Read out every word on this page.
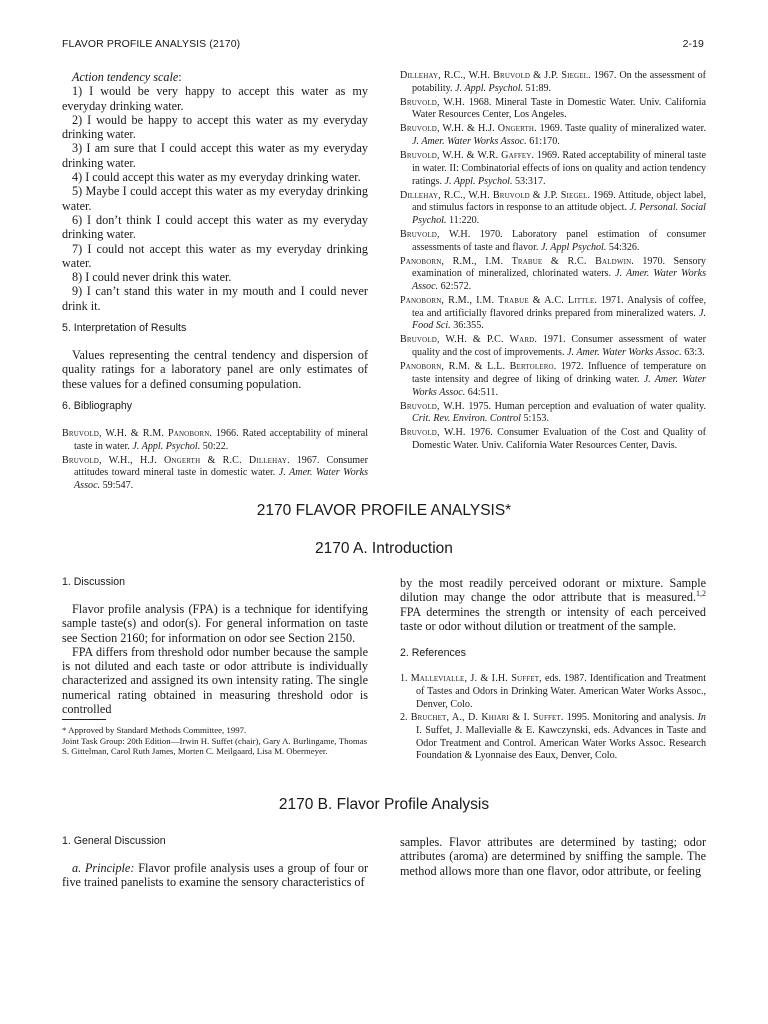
FLAVOR PROFILE ANALYSIS (2170)	2-19

Action tendency scale:

1) I would be very happy to accept this water as my everyday drinking water.

2) I would be happy to accept this water as my everyday drinking water.

3) I am sure that I could accept this water as my everyday drinking water.

4) I could accept this water as my everyday drinking water.

5) Maybe I could accept this water as my everyday drinking water.

6) I don’t think I could accept this water as my everyday drinking water.

7) I could not accept this water as my everyday drinking water.

8) I could never drink this water.

9) I can’t stand this water in my mouth and I could never drink it.

5. Interpretation of Results

Values representing the central tendency and dispersion of quality ratings for a laboratory panel are only estimates of these values for a defined consuming population.

6. Bibliography

Bruvold, W.H. & R.M. Panoborn. 1966. Rated acceptability of mineral taste in water. J. Appl. Psychol. 50:22.

Bruvold, W.H., H.J. Ongerth & R.C. Dillehay. 1967. Consumer attitudes toward mineral taste in domestic water. J. Amer. Water Works Assoc. 59:547.

Dillehay, R.C., W.H. Bruvold & J.P. Siegel. 1967. On the assessment of potability. J. Appl. Psychol. 51:89.

Bruvold, W.H. 1968. Mineral Taste in Domestic Water. Univ. California Water Resources Center, Los Angeles.

Bruvold, W.H. & H.J. Ongerth. 1969. Taste quality of mineralized water. J. Amer. Water Works Assoc. 61:170.

Bruvold, W.H. & W.R. Gaffey. 1969. Rated acceptability of mineral taste in water. II: Combinatorial effects of ions on quality and action tendency ratings. J. Appl. Psychol. 53:317.

Dillehay, R.C., W.H. Bruvold & J.P. Siegel. 1969. Attitude, object label, and stimulus factors in response to an attitude object. J. Personal. Social Psychol. 11:220.

Bruvold, W.H. 1970. Laboratory panel estimation of consumer assessments of taste and flavor. J. Appl Psychol. 54:326.

Panoborn, R.M., I.M. Trabue & R.C. Baldwin. 1970. Sensory examination of mineralized, chlorinated waters. J. Amer. Water Works Assoc. 62:572.

Panoborn, R.M., I.M. Trabue & A.C. Little. 1971. Analysis of coffee, tea and artificially flavored drinks prepared from mineralized waters. J. Food Sci. 36:355.

Bruvold, W.H. & P.C. Ward. 1971. Consumer assessment of water quality and the cost of improvements. J. Amer. Water Works Assoc. 63:3.

Panoborn, R.M. & L.L. Bertolero. 1972. Influence of temperature on taste intensity and degree of liking of drinking water. J. Amer. Water Works Assoc. 64:511.

Bruvold, W.H. 1975. Human perception and evaluation of water quality. Crit. Rev. Environ. Control 5:153.

Bruvold, W.H. 1976. Consumer Evaluation of the Cost and Quality of Domestic Water. Univ. California Water Resources Center, Davis.

2170 FLAVOR PROFILE ANALYSIS*
2170 A. Introduction
1. Discussion

Flavor profile analysis (FPA) is a technique for identifying sample taste(s) and odor(s). For general information on taste see Section 2160; for information on odor see Section 2150.

FPA differs from threshold odor number because the sample is not diluted and each taste or odor attribute is individually characterized and assigned its own intensity rating. The single numerical rating obtained in measuring threshold odor is controlled

* Approved by Standard Methods Committee, 1997.

Joint Task Group: 20th Edition—Irwin H. Suffet (chair), Gary A. Burlingame, Thomas S. Gittelman, Carol Ruth James, Morten C. Meilgaard, Lisa M. Obermeyer.

by the most readily perceived odorant or mixture. Sample dilution may change the odor attribute that is measured.$^{1,2}$ FPA determines the strength or intensity of each perceived taste or odor without dilution or treatment of the sample.

2. References

1. Mallevialle, J. & I.H. Suffet, eds. 1987. Identification and Treatment of Tastes and Odors in Drinking Water. American Water Works Assoc., Denver, Colo.

2. Bruchet, A., D. Khiari & I. Suffet. 1995. Monitoring and analysis. In I. Suffet, J. Mallevialle & E. Kawczynski, eds. Advances in Taste and Odor Treatment and Control. American Water Works Assoc. Research Foundation & Lyonnaise des Eaux, Denver, Colo.

2170 B. Flavor Profile Analysis
1. General Discussion

a. Principle: Flavor profile analysis uses a group of four or five trained panelists to examine the sensory characteristics of

samples. Flavor attributes are determined by tasting; odor attributes (aroma) are determined by sniffing the sample. The method allows more than one flavor, odor attribute, or feeling
